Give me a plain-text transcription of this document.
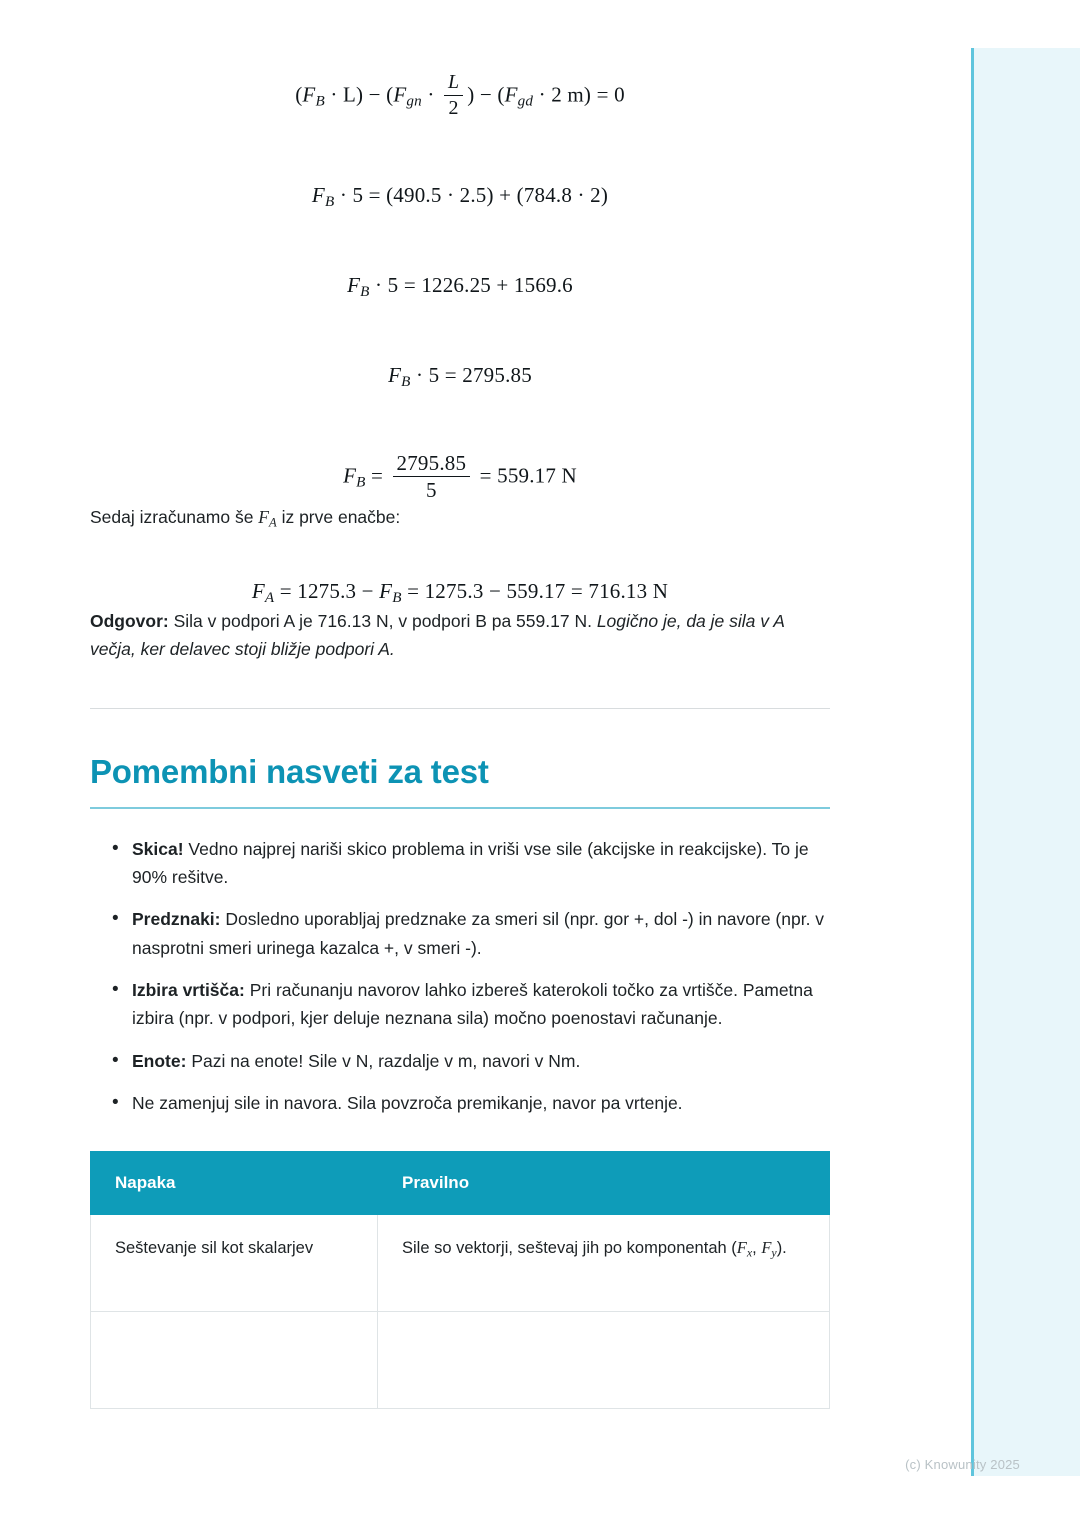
$(F_B \cdot L) - (F_{gn} \cdot \frac{L}{2}$ ) − ($F_{gd} \cdot 2$ m) = 0
$F_B \cdot 5 = (490.5 \cdot 2.5) + (784.8 \cdot 2)$
$F_B \cdot 5 = 1226.25 + 1569.6$
$F_B \cdot 5 = 2795.85$
$F_B = \frac{2795.85}{5} = 559.17$ N

Sedaj izračunamo še $F_A$ iz prve enačbe:

$F_A = 1275.3 - F_B = 1275.3 - 559.17 = 716.13$ N

Odgovor: Sila v podpori A je 716.13 N, v podpori B pa 559.17 N. Logično je, da je sila v A večja, ker delavec stoji bližje podpori A.

Pomembni nasveti za test
• Skica! Vedno najprej nariši skico problema in vriši vse sile (akcijske in reakcijske). To je 90% rešitve.
• Predznaki: Dosledno uporabljaj predznake za smeri sil (npr. gor +, dol -) in navore (npr. v nasprotni smeri urinega kazalca +, v smeri -).
• Izbira vrtišča: Pri računanju navorov lahko izbereš katerokoli točko za vrtišče. Pametna izbira (npr. v podpori, kjer deluje neznana sila) močno poenostavi računanje.
• Enote: Pazi na enote! Sile v N, razdalje v m, navori v Nm.
• Ne zamenjuj sile in navora. Sila povzroča premikanje, navor pa vrtenje.
Napaka	Pravilno
Seštevanje sil kot skalarjev	Sile so vektorji, seštevaj jih po komponentah ($F_x$, $F_y$).

(c) Knowunity 2025
